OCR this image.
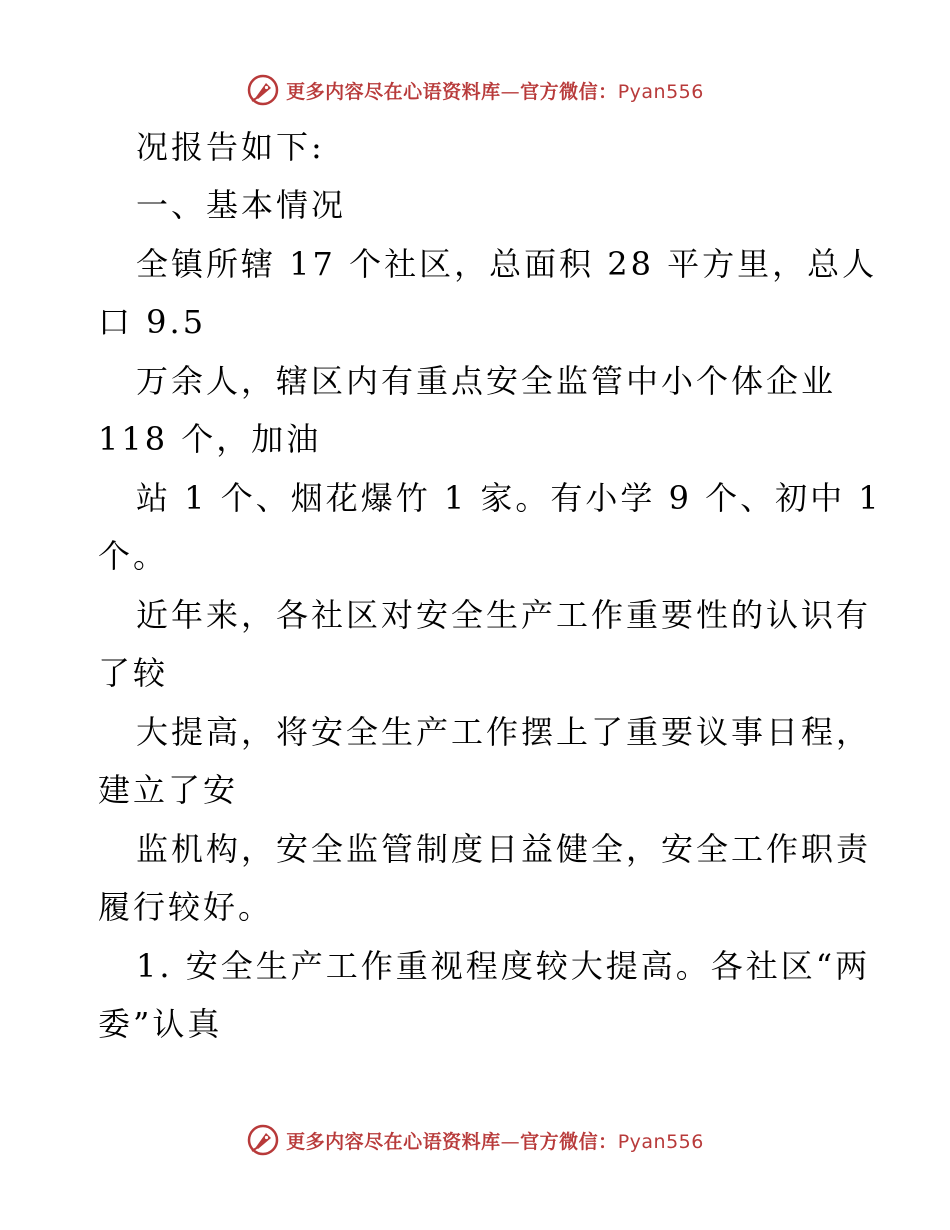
更多内容尽在心语资料库—官方微信：Pyan556
况报告如下:
一、基本情况
全镇所辖 17 个社区，总面积 28 平方里，总人
口 9.5
万余人，辖区内有重点安全监管中小个体企业
118 个，加油
站 1 个、烟花爆竹 1 家。有小学 9 个、初中 1
个。
近年来，各社区对安全生产工作重要性的认识有
了较
大提高，将安全生产工作摆上了重要议事日程，
建立了安
监机构，安全监管制度日益健全，安全工作职责
履行较好。
1. 安全生产工作重视程度较大提高。各社区“两
委”认真
更多内容尽在心语资料库—官方微信：Pyan556
